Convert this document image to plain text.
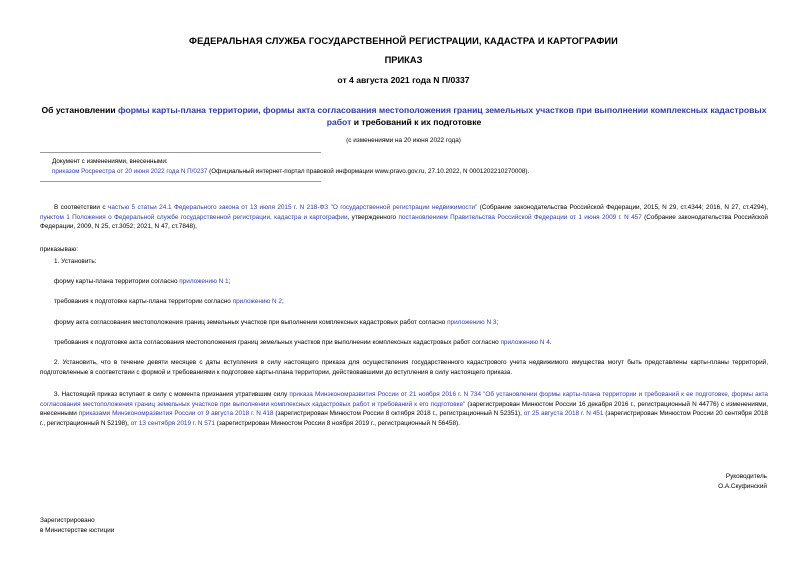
ФЕДЕРАЛЬНАЯ СЛУЖБА ГОСУДАРСТВЕННОЙ РЕГИСТРАЦИИ, КАДАСТРА И КАРТОГРАФИИ
ПРИКАЗ
от 4 августа 2021 года N П/0337
Об установлении формы карты-плана территории, формы акта согласования местоположения границ земельных участков при выполнении комплексных кадастровых работ и требований к их подготовке
(с изменениями на 20 июня 2022 года)
Документ с изменениями, внесенными:
приказом Росреестра от 20 июня 2022 года N П/0237 (Официальный интернет-портал правовой информации www.pravo.gov.ru, 27.10.2022, N 0001202210270008).
В соответствии с частью 5 статьи 24.1 Федерального закона от 13 июля 2015 г. N 218-ФЗ "О государственной регистрации недвижимости" (Собрание законодательства Российской Федерации, 2015, N 29, ст.4344; 2016, N 27, ст.4294), пунктом 1 Положения о Федеральной службе государственной регистрации, кадастра и картографии, утвержденного постановлением Правительства Российской Федерации от 1 июня 2009 г. N 457 (Собрание законодательства Российской Федерации, 2009, N 25, ст.3052; 2021, N 47, ст.7848),
приказываю:
1. Установить:
форму карты-плана территории согласно приложению N 1;
требования к подготовке карты-плана территории согласно приложению N 2;
форму акта согласования местоположения границ земельных участков при выполнении комплексных кадастровых работ согласно приложению N 3;
требования к подготовке акта согласования местоположения границ земельных участков при выполнении комплексных кадастровых работ согласно приложению N 4.
2. Установить, что в течение девяти месяцев с даты вступления в силу настоящего приказа для осуществления государственного кадастрового учета недвижимого имущества могут быть представлены карты-планы территорий, подготовленные в соответствии с формой и требованиями к подготовке карты-плана территории, действовавшими до вступления в силу настоящего приказа.
3. Настоящий приказ вступает в силу с момента признания утратившим силу приказа Минэкономразвития России от 21 ноября 2016 г. N 734 "Об установлении формы карты-плана территории и требований к ее подготовке, формы акта согласования местоположения границ земельных участков при выполнении комплексных кадастровых работ и требований к его подготовке" (зарегистрирован Минюстом России 16 декабря 2016 г., регистрационный N 44776) с изменениями, внесенными приказами Минэкономразвития России от 9 августа 2018 г. N 418 (зарегистрирован Минюстом России 8 октября 2018 г., регистрационный N 52351), от 25 августа 2018 г. N 451 (зарегистрирован Минюстом России 20 сентября 2018 г., регистрационный N 52198), от 13 сентября 2019 г. N 571 (зарегистрирован Минюстом России 8 ноября 2019 г., регистрационный N 56458).
Руководитель
О.А.Скуфинский
Зарегистрировано
в Министерстве юстиции
